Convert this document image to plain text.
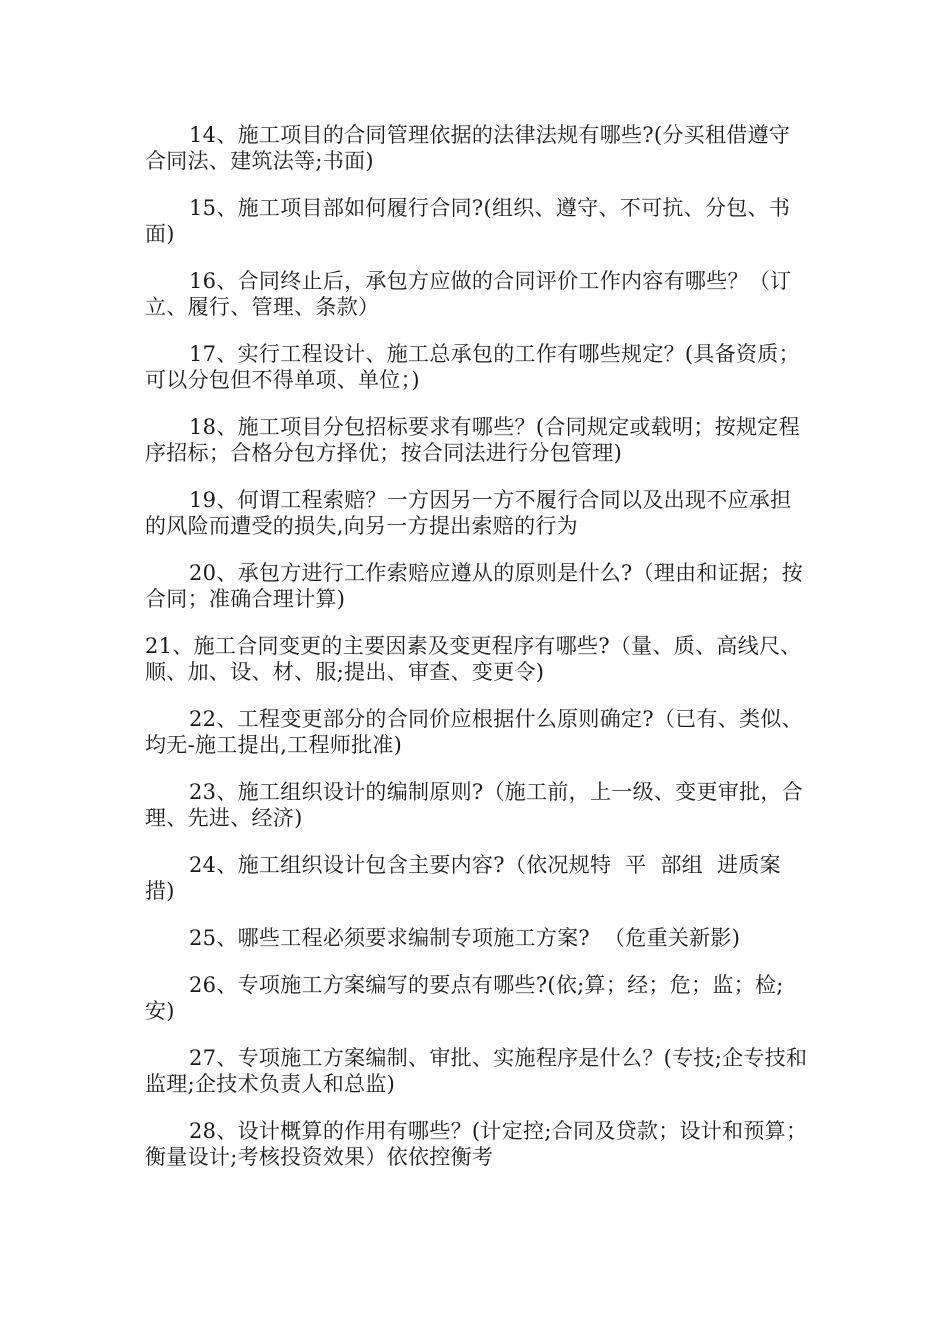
14、施工项目的合同管理依据的法律法规有哪些?(分买租借遵守合同法、建筑法等;书面)

15、施工项目部如何履行合同?(组织、遵守、不可抗、分包、书面)

16、合同终止后，承包方应做的合同评价工作内容有哪些？（订立、履行、管理、条款）

17、实行工程设计、施工总承包的工作有哪些规定？(具备资质；可以分包但不得单项、单位；)

18、施工项目分包招标要求有哪些？(合同规定或载明；按规定程序招标；合格分包方择优；按合同法进行分包管理)

19、何谓工程索赔？一方因另一方不履行合同以及出现不应承担的风险而遭受的损失,向另一方提出索赔的行为

20、承包方进行工作索赔应遵从的原则是什么?（理由和证据；按合同；准确合理计算)

21、施工合同变更的主要因素及变更程序有哪些?（量、质、高线尺、顺、加、设、材、服;提出、审查、变更令)

22、工程变更部分的合同价应根据什么原则确定?（已有、类似、均无-施工提出,工程师批准)

23、施工组织设计的编制原则?（施工前，上一级、变更审批，合理、先进、经济)

24、施工组织设计包含主要内容?（依况规特  平  部组  进质案措)

25、哪些工程必须要求编制专项施工方案?  （危重关新影)

26、专项施工方案编写的要点有哪些?(依;算；经；危；监；检;安)

27、专项施工方案编制、审批、实施程序是什么？(专技;企专技和监理;企技术负责人和总监)

28、设计概算的作用有哪些？(计定控;合同及贷款；设计和预算；衡量设计;考核投资效果）依依控衡考
